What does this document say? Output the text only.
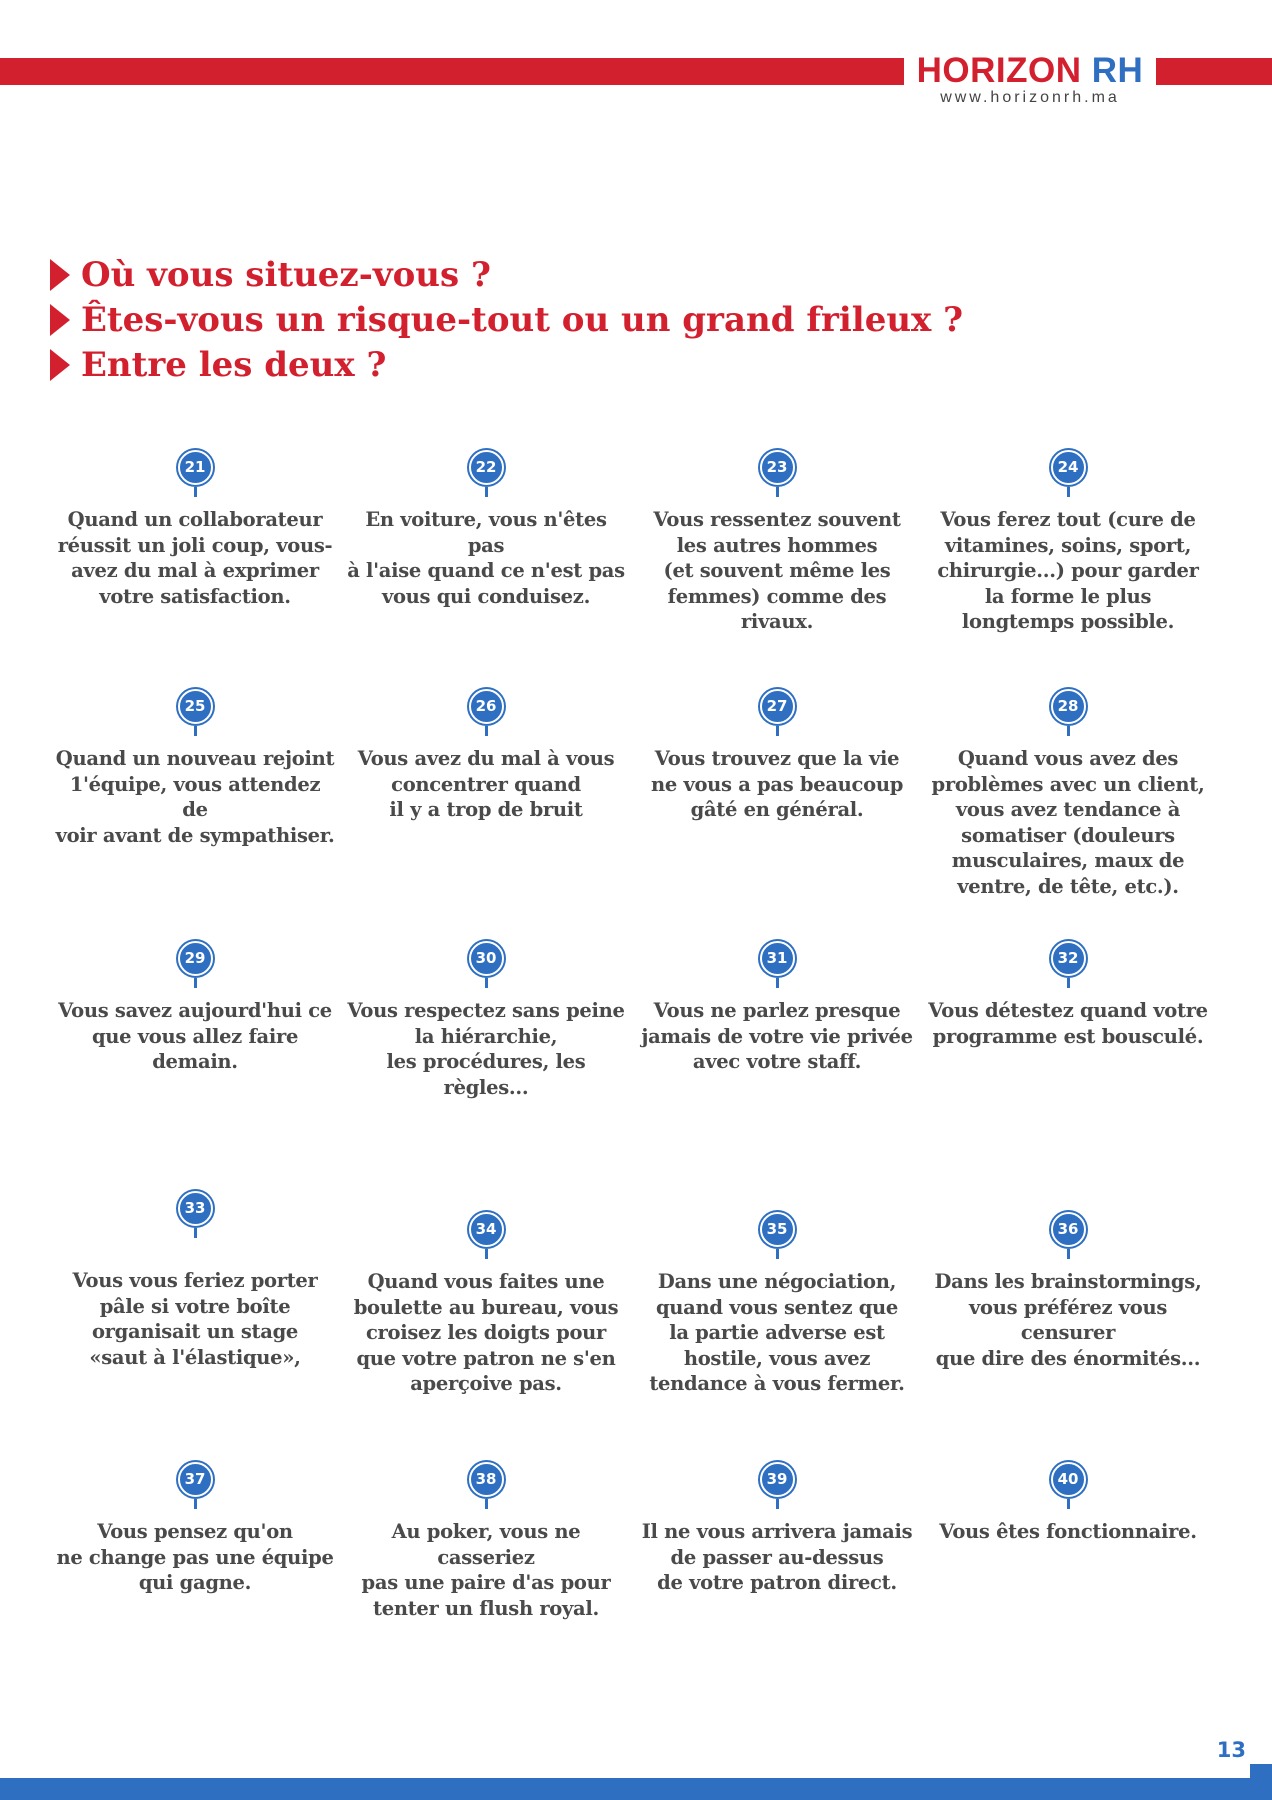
HORIZON RH
www.horizonrh.ma
Où vous situez-vous ?
Êtes-vous un risque-tout ou un grand frileux ?
Entre les deux ?
21
Quand un collaborateur
réussit un joli coup, vous-
avez du mal à exprimer
votre satisfaction.
22
En voiture, vous n'êtes pas
à l'aise quand ce n'est pas
vous qui conduisez.
23
Vous ressentez souvent
les autres hommes
(et souvent même les
femmes) comme des rivaux.
24
Vous ferez tout (cure de
vitamines, soins, sport,
chirurgie...) pour garder
la forme le plus
longtemps possible.
25
Quand un nouveau rejoint
1'équipe, vous attendez de
voir avant de sympathiser.
26
Vous avez du mal à vous
concentrer quand
il y a trop de bruit
27
Vous trouvez que la vie
ne vous a pas beaucoup
gâté en général.
28
Quand vous avez des
problèmes avec un client,
vous avez tendance à
somatiser (douleurs
musculaires, maux de
ventre, de tête, etc.).
29
Vous savez aujourd'hui ce
que vous allez faire demain.
30
Vous respectez sans peine
la hiérarchie,
les procédures, les règles...
31
Vous ne parlez presque
jamais de votre vie privée
avec votre staff.
32
Vous détestez quand votre
programme est bousculé.
33
Vous vous feriez porter
pâle si votre boîte
organisait un stage
«saut à l'élastique»,
34
Quand vous faites une
boulette au bureau, vous
croisez les doigts pour
que votre patron ne s'en
aperçoive pas.
35
Dans une négociation,
quand vous sentez que
la partie adverse est
hostile, vous avez
tendance à vous fermer.
36
Dans les brainstormings,
vous préférez vous censurer
que dire des énormités...
37
Vous pensez qu'on
ne change pas une équipe
qui gagne.
38
Au poker, vous ne casseriez
pas une paire d'as pour
tenter un flush royal.
39
Il ne vous arrivera jamais
de passer au-dessus
de votre patron direct.
40
Vous êtes fonctionnaire.
13
